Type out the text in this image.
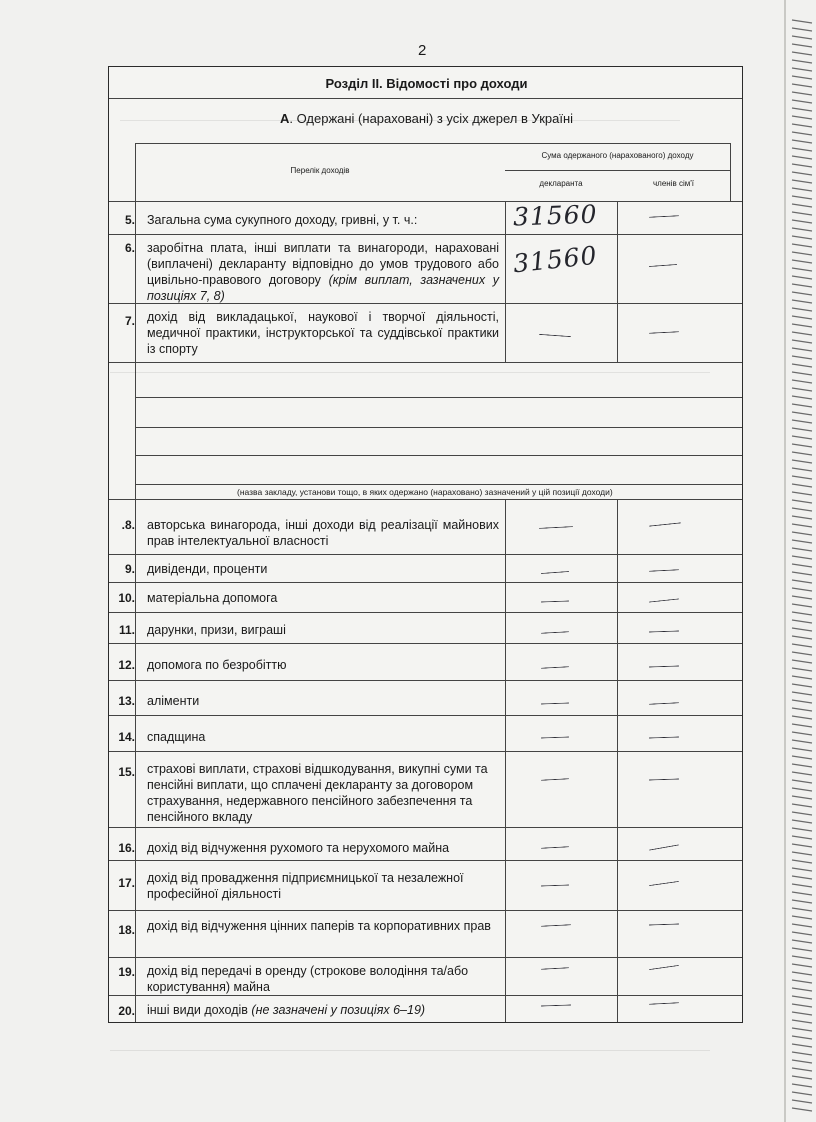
2
Розділ ІІ. Відомості про доходи
А. Одержані (нараховані) з усіх джерел в Україні
Перелік доходів
Сума одержаного (нарахованого) доходу
декларанта	членів сім'ї
5. Загальна сума сукупного доходу, гривні, у т. ч.:
6. заробітна плата, інші виплати та винагороди, нараховані (виплачені) декларанту відповідно до умов трудового або цивільно-правового договору (крім виплат, зазначених у позиціях 7, 8)
7. дохід від викладацької, наукової і творчої діяльності, медичної практики, інструкторської та суддівської практики із спорту
(назва закладу, установи тощо, в яких одержано (нараховано) зазначений у цій позиції доходи)
.8. авторська винагорода, інші доходи від реалізації майнових прав інтелектуальної власності
9. дивіденди, проценти
10. матеріальна допомога
11. дарунки, призи, виграші
12. допомога по безробіттю
13. аліменти
14. спадщина
15. страхові виплати, страхові відшкодування, викупні суми та пенсійні виплати, що сплачені декларанту за договором страхування, недержавного пенсійного забезпечення та пенсійного вкладу
16. дохід від відчуження рухомого та нерухомого майна
17. дохід від провадження підприємницької та незалежної професійної діяльності
18. дохід від відчуження цінних паперів та корпоративних прав
19. дохід від передачі в оренду (строкове володіння та/або користування) майна
20. інші види доходів (не зазначені у позиціях 6–19)
31560
31560
